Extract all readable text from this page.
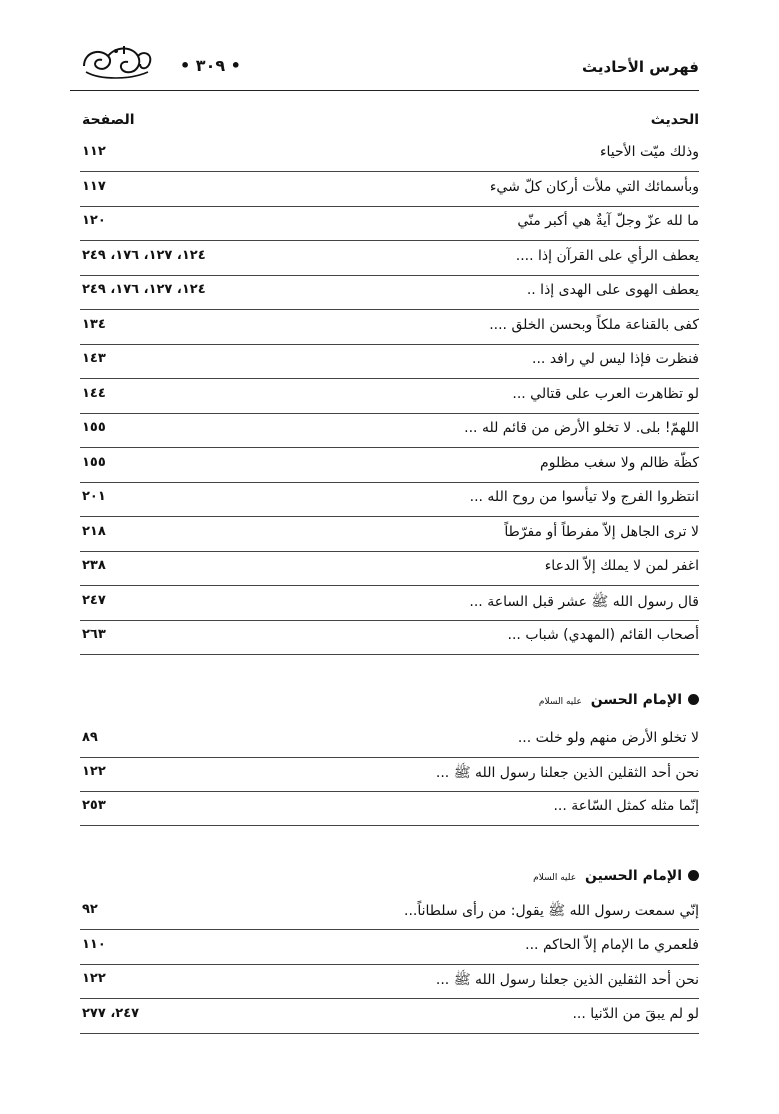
• ٣٠٩ •	فهرس الأحاديث
الحديث
الصفحة
وذلك ميّت الأحياء
١١٢
وبأسمائك التي ملأت أركان كلّ شيء
١١٧
ما لله عزّ وجلّ آيةٌ هي أكبر منّي
١٢٠
يعطف الرأي على القرآن إذا ....
١٢٤، ١٢٧، ١٧٦، ٢٤٩
يعطف الهوى على الهدى إذا ..
١٢٤، ١٢٧، ١٧٦، ٢٤٩
كفى بالقناعة ملكاً وبحسن الخلق ....
١٣٤
فنظرت فإذا ليس لي رافد ...
١٤٣
لو تظاهرت العرب على قتالي ...
١٤٤
اللهمّ! بلى. لا تخلو الأرض من قائم لله ...
١٥٥
كظّة ظالم ولا سغب مظلوم
١٥٥
انتظروا الفرج ولا تيأسوا من روح الله ...
٢٠١
لا ترى الجاهل إلاّ مفرطاً أو مفرّطاً
٢١٨
اغفر لمن لا يملك إلاّ الدعاء
٢٣٨
قال رسول الله ﷺ عشر قبل الساعة ...
٢٤٧
أصحاب القائم (المهدي) شباب ...
٢٦٣
الإمام الحسن عليه السلام
لا تخلو الأرض منهم ولو خلت ...
٨٩
نحن أحد الثقلين الذين جعلنا رسول الله ﷺ ...
١٢٢
إنّما مثله كمثل السّاعة ...
٢٥٣
الإمام الحسين عليه السلام
إنّي سمعت رسول الله ﷺ يقول: من رأى سلطاناً...
٩٢
فلعمري ما الإمام إلاّ الحاكم ...
١١٠
نحن أحد الثقلين الذين جعلنا رسول الله ﷺ ...
١٢٢
لو لم يبقَ من الدّنيا ...
٢٤٧، ٢٧٧
